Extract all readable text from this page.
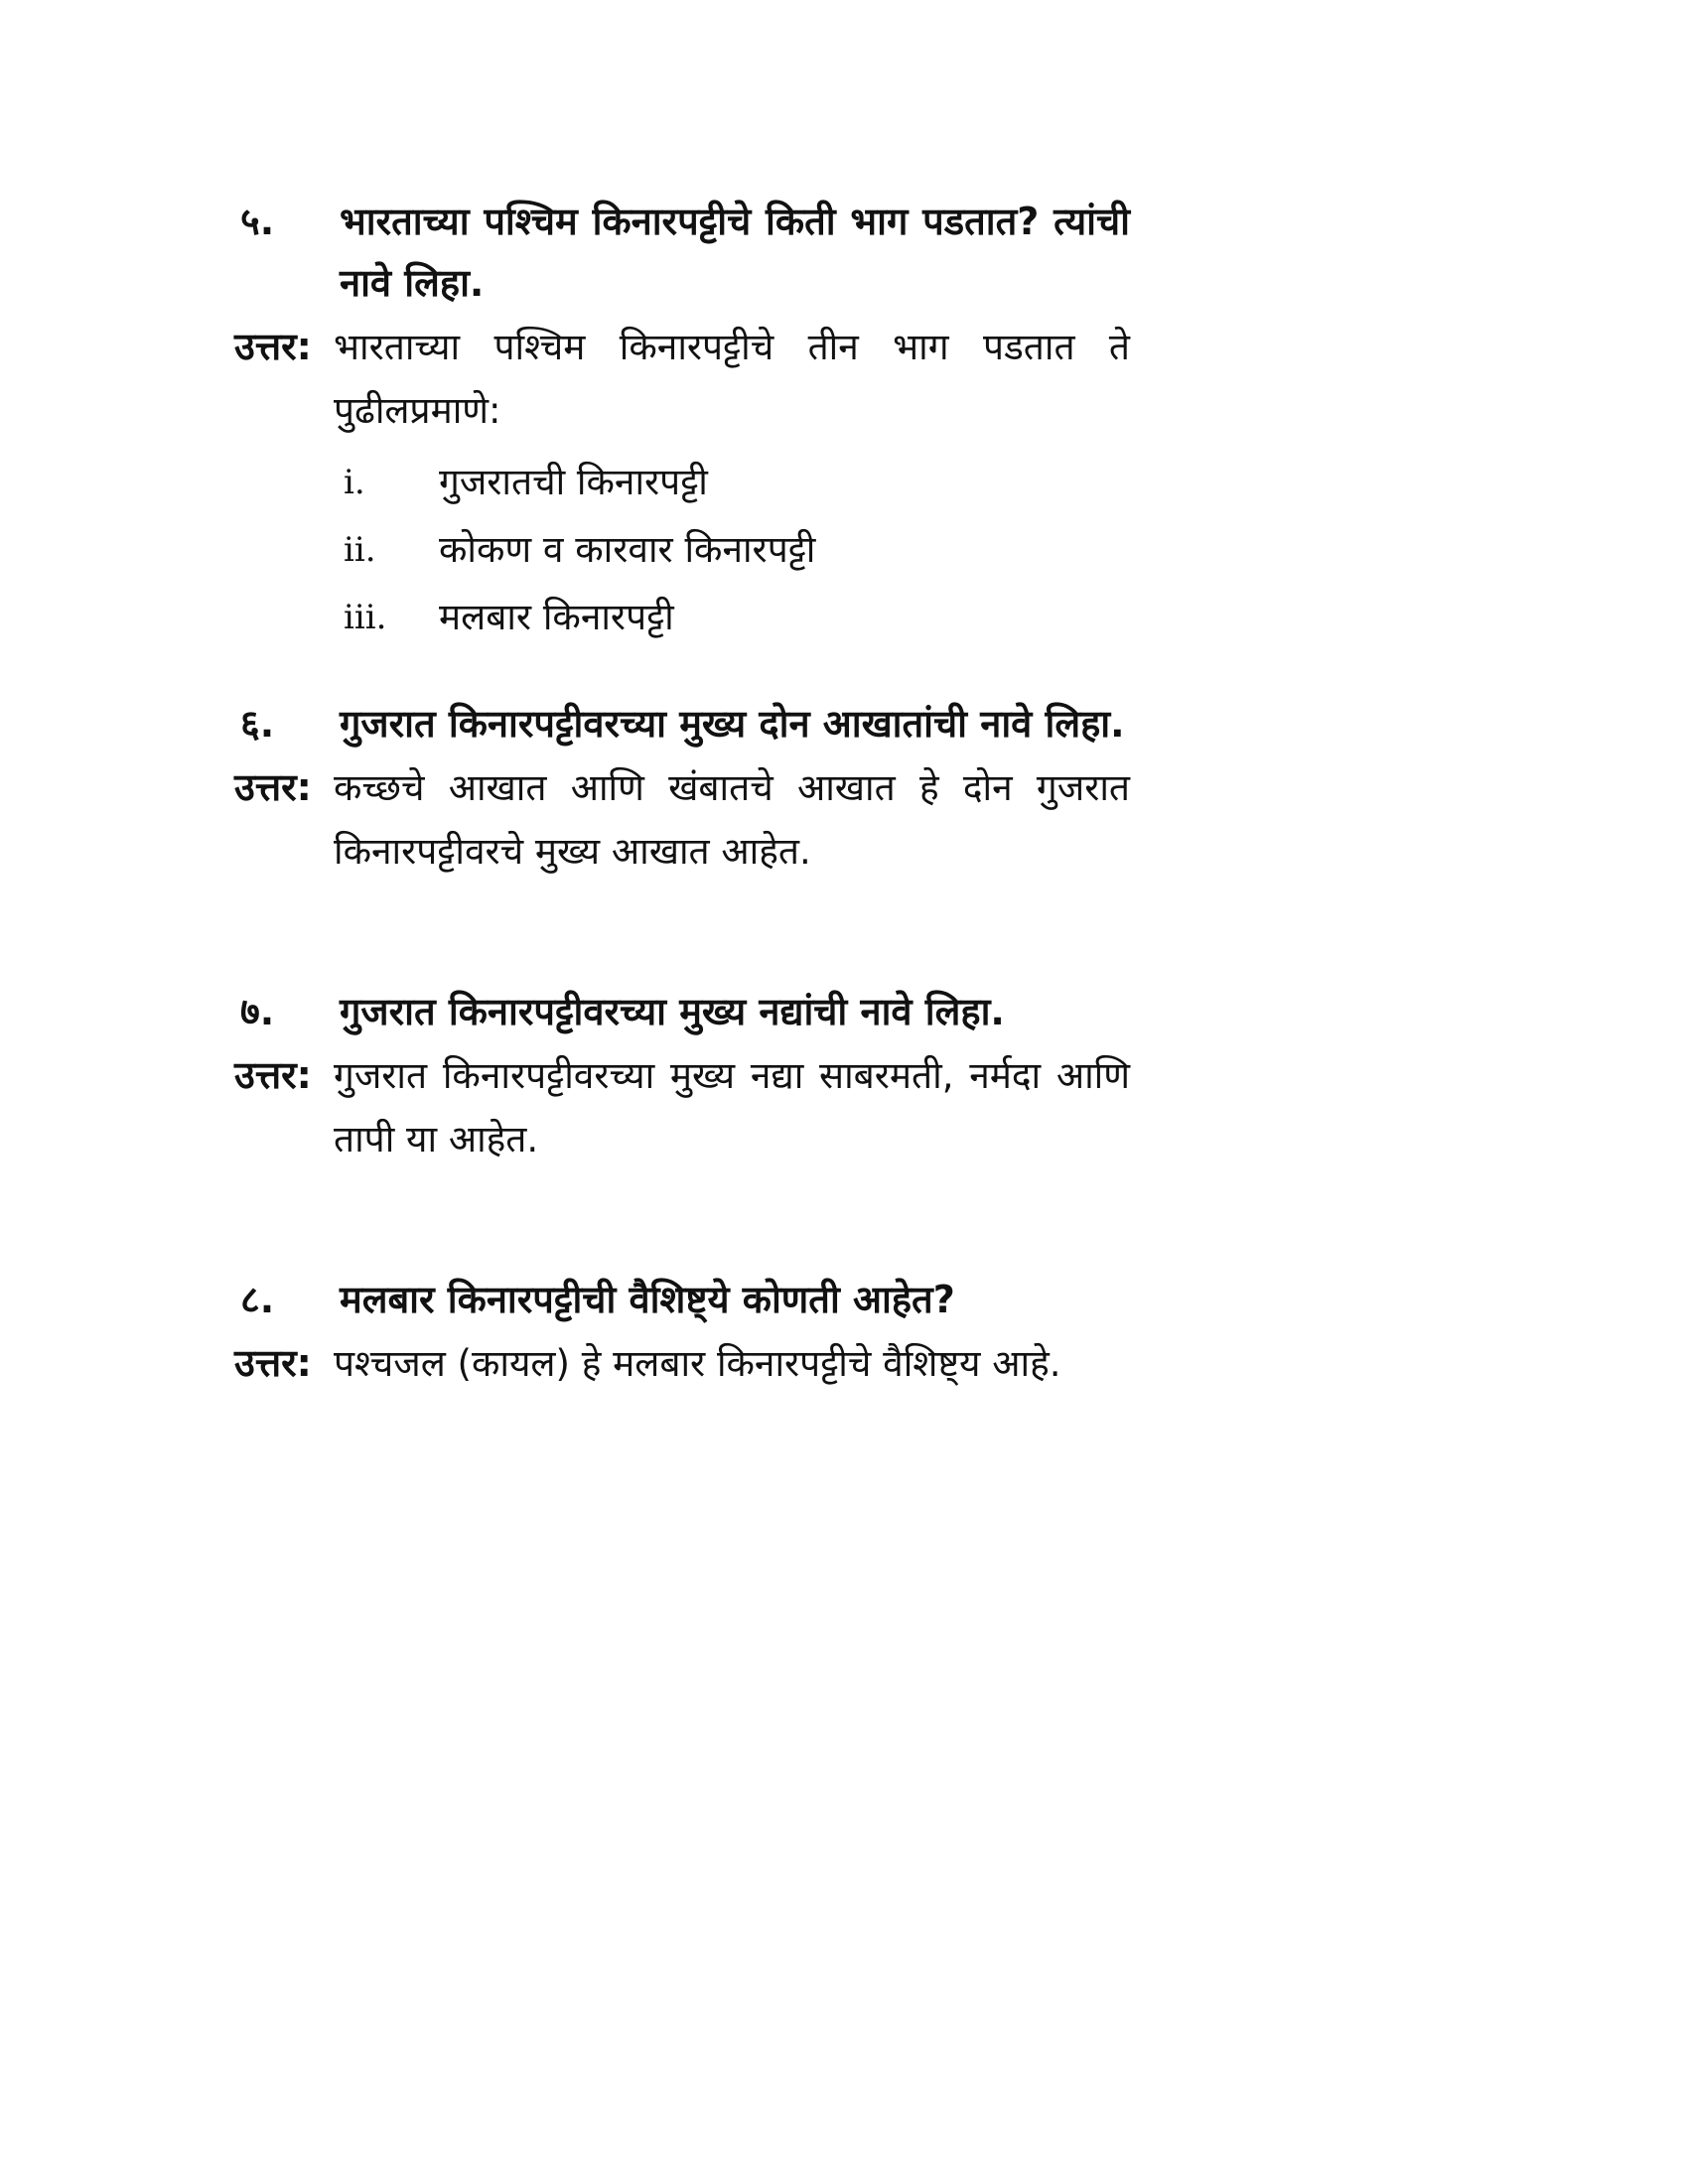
५.	भारताच्या पश्चिम किनारपट्टीचे किती भाग पडतात? त्यांची नावे लिहा.
उत्तर: भारताच्या पश्चिम किनारपट्टीचे तीन भाग पडतात ते पुढीलप्रमाणे:
i.	गुजरातची किनारपट्टी
ii.	कोकण व कारवार किनारपट्टी
iii.	मलबार किनारपट्टी
६.	गुजरात किनारपट्टीवरच्या मुख्य दोन आखातांची नावे लिहा.
उत्तर: कच्छचे आखात आणि खंबातचे आखात हे दोन गुजरात किनारपट्टीवरचे मुख्य आखात आहेत.
७.	गुजरात किनारपट्टीवरच्या मुख्य नद्यांची नावे लिहा.
उत्तर: गुजरात किनारपट्टीवरच्या मुख्य नद्या साबरमती, नर्मदा आणि तापी या आहेत.
८.	मलबार किनारपट्टीची वैशिष्ट्ये कोणती आहेत?
उत्तर: पश्चजल (कायल) हे मलबार किनारपट्टीचे वैशिष्ट्य आहे.
